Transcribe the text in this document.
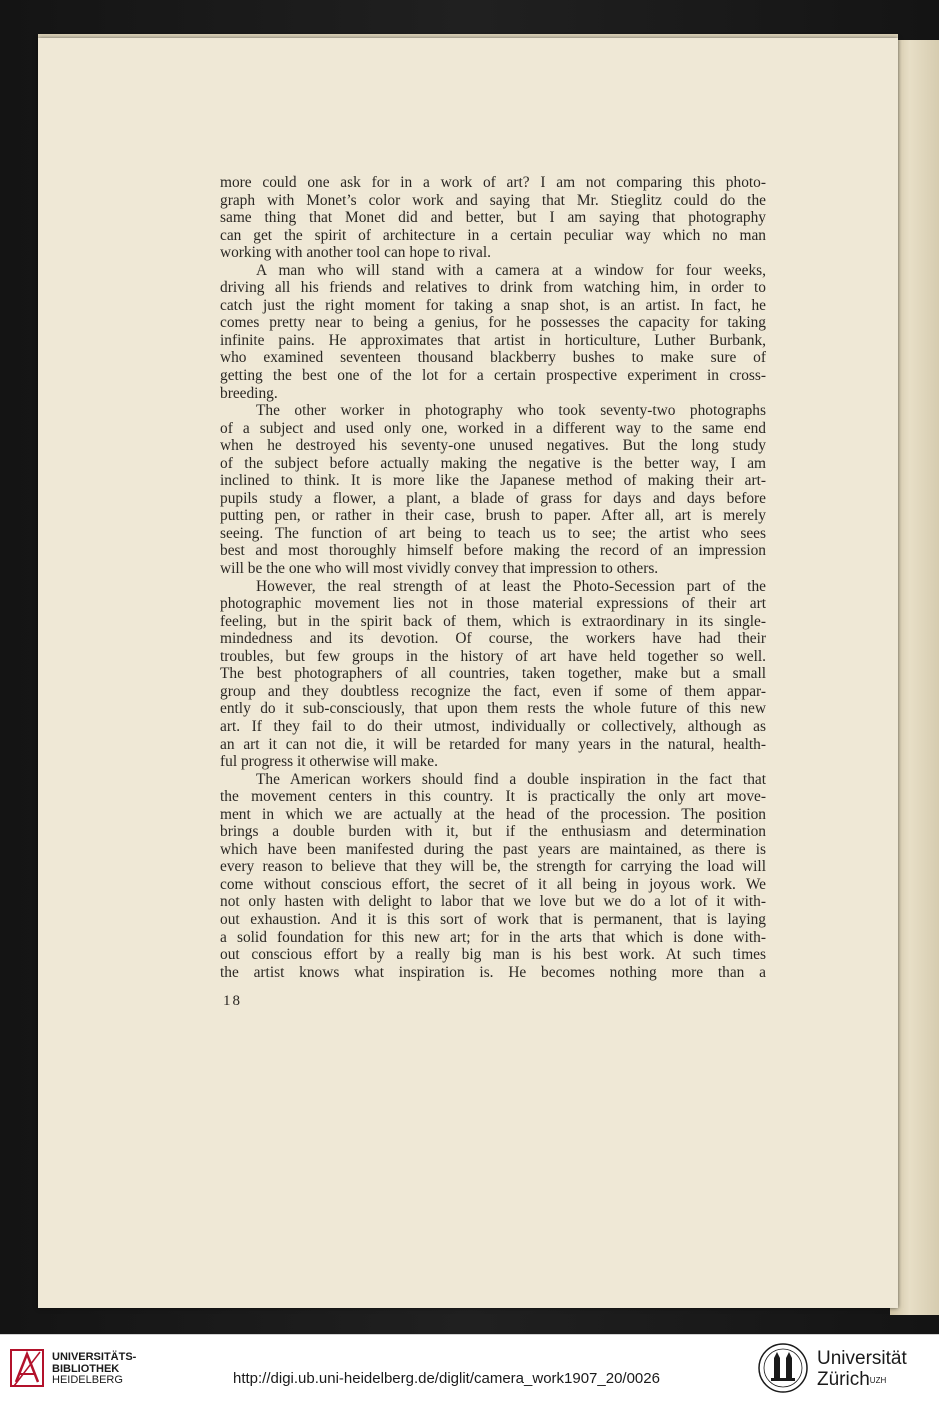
more could one ask for in a work of art? I am not comparing this photo-
graph with Monet’s color work and saying that Mr. Stieglitz could do the
same thing that Monet did and better, but I am saying that photography
can get the spirit of architecture in a certain peculiar way which no man
working with another tool can hope to rival.
A man who will stand with a camera at a window for four weeks,
driving all his friends and relatives to drink from watching him, in order to
catch just the right moment for taking a snap shot, is an artist. In fact, he
comes pretty near to being a genius, for he possesses the capacity for taking
infinite pains. He approximates that artist in horticulture, Luther Burbank,
who examined seventeen thousand blackberry bushes to make sure of
getting the best one of the lot for a certain prospective experiment in cross-
breeding.
The other worker in photography who took seventy-two photographs
of a subject and used only one, worked in a different way to the same end
when he destroyed his seventy-one unused negatives. But the long study
of the subject before actually making the negative is the better way, I am
inclined to think. It is more like the Japanese method of making their art-
pupils study a flower, a plant, a blade of grass for days and days before
putting pen, or rather in their case, brush to paper. After all, art is merely
seeing. The function of art being to teach us to see; the artist who sees
best and most thoroughly himself before making the record of an impression
will be the one who will most vividly convey that impression to others.
However, the real strength of at least the Photo-Secession part of the
photographic movement lies not in those material expressions of their art
feeling, but in the spirit back of them, which is extraordinary in its single-
mindedness and its devotion. Of course, the workers have had their
troubles, but few groups in the history of art have held together so well.
The best photographers of all countries, taken together, make but a small
group and they doubtless recognize the fact, even if some of them appar-
ently do it sub-consciously, that upon them rests the whole future of this new
art. If they fail to do their utmost, individually or collectively, although as
an art it can not die, it will be retarded for many years in the natural, health-
ful progress it otherwise will make.
The American workers should find a double inspiration in the fact that
the movement centers in this country. It is practically the only art move-
ment in which we are actually at the head of the procession. The position
brings a double burden with it, but if the enthusiasm and determination
which have been manifested during the past years are maintained, as there is
every reason to believe that they will be, the strength for carrying the load will
come without conscious effort, the secret of it all being in joyous work. We
not only hasten with delight to labor that we love but we do a lot of it with-
out exhaustion. And it is this sort of work that is permanent, that is laying
a solid foundation for this new art; for in the arts that which is done with-
out conscious effort by a really big man is his best work. At such times
the artist knows what inspiration is. He becomes nothing more than a
18
UNIVERSITÄTS-
BIBLIOTHEK
HEIDELBERG	http://digi.ub.uni-heidelberg.de/diglit/camera_work1907_20/0026
Universität
Zürich$^{UZH}$
